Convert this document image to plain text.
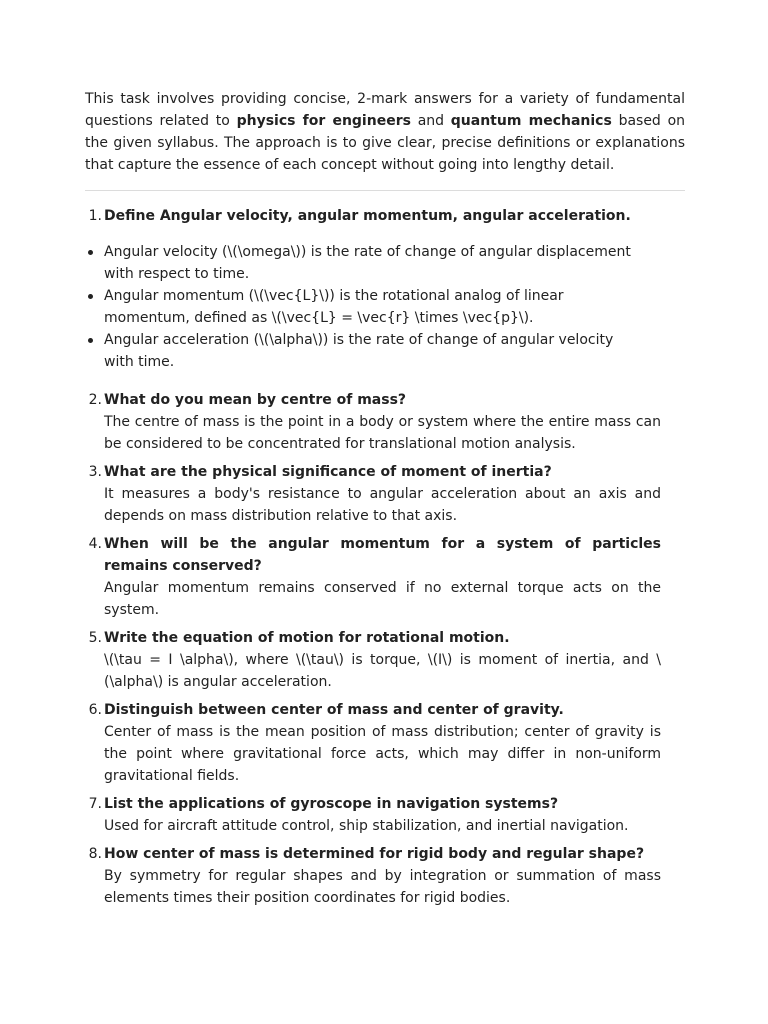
This task involves providing concise, 2-mark answers for a variety of fundamental questions related to physics for engineers and quantum mechanics based on the given syllabus. The approach is to give clear, precise definitions or explanations that capture the essence of each concept without going into lengthy detail.

1. Define Angular velocity, angular momentum, angular acceleration.
Angular velocity (\(\omega\)) is the rate of change of angular displacement with respect to time.
Angular momentum (\(\vec{L}\)) is the rotational analog of linear momentum, defined as \(\vec{L} = \vec{r} \times \vec{p}\).
Angular acceleration (\(\alpha\)) is the rate of change of angular velocity with time.
2. What do you mean by centre of mass?
The centre of mass is the point in a body or system where the entire mass can be considered to be concentrated for translational motion analysis.
3. What are the physical significance of moment of inertia?
It measures a body's resistance to angular acceleration about an axis and depends on mass distribution relative to that axis.
4. When will be the angular momentum for a system of particles remains conserved?
Angular momentum remains conserved if no external torque acts on the system.
5. Write the equation of motion for rotational motion.
\(\tau = I \alpha\), where \(\tau\) is torque, \(I\) is moment of inertia, and \(\alpha\) is angular acceleration.
6. Distinguish between center of mass and center of gravity.
Center of mass is the mean position of mass distribution; center of gravity is the point where gravitational force acts, which may differ in non-uniform gravitational fields.
7. List the applications of gyroscope in navigation systems?
Used for aircraft attitude control, ship stabilization, and inertial navigation.
8. How center of mass is determined for rigid body and regular shape?
By symmetry for regular shapes and by integration or summation of mass elements times their position coordinates for rigid bodies.
